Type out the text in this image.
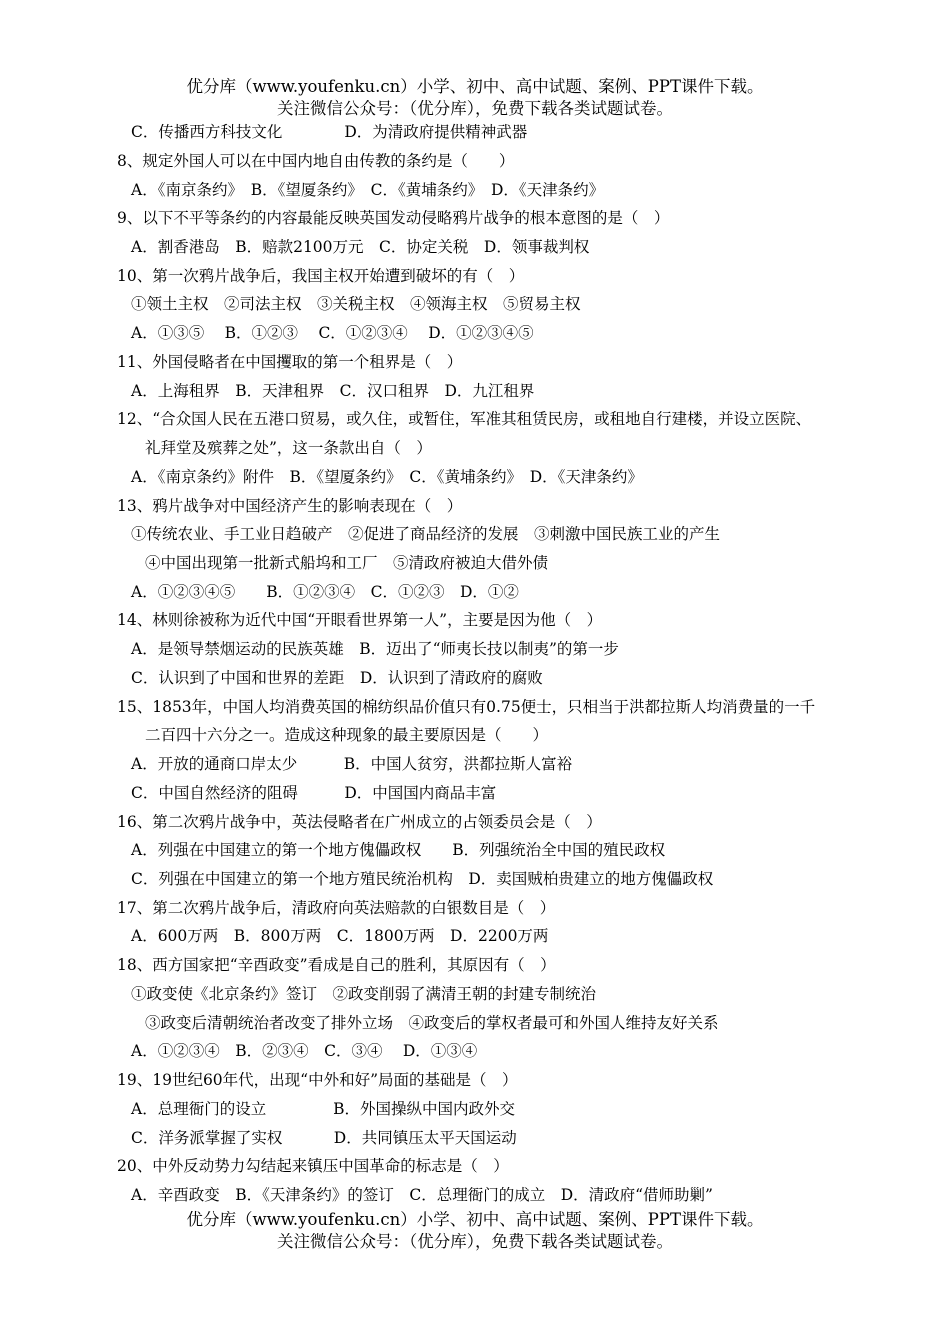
优分库（www.youfenku.cn）小学、初中、高中试题、案例、PPT课件下载。
关注微信公众号：（优分库），免费下载各类试题试卷。
C．传播西方科技文化　　　　D．为清政府提供精神武器
8、规定外国人可以在中国内地自由传教的条约是（　　）
A．《南京条约》　B．《望厦条约》　C．《黄埔条约》　D．《天津条约》
9、以下不平等条约的内容最能反映英国发动侵略鸦片战争的根本意图的是（　）
A．割香港岛　B．赔款2100万元　C．协定关税　D．领事裁判权
10、第一次鸦片战争后，我国主权开始遭到破坏的有（　）
①领土主权　②司法主权　③关税主权　④领海主权　⑤贸易主权
A．①③⑤　 B．①②③　 C．①②③④　 D．①②③④⑤
11、外国侵略者在中国攫取的第一个租界是（　）
A．上海租界　B．天津租界　C．汉口租界　D．九江租界
12、“合众国人民在五港口贸易，或久住，或暂住，军准其租赁民房，或租地自行建楼，并设立医院、
礼拜堂及殡葬之处”，这一条款出自（　）
A．《南京条约》附件　B．《望厦条约》　C．《黄埔条约》　D．《天津条约》
13、鸦片战争对中国经济产生的影响表现在（　）
①传统农业、手工业日趋破产　②促进了商品经济的发展　③刺激中国民族工业的产生
④中国出现第一批新式船坞和工厂　⑤清政府被迫大借外债
A．①②③④⑤　　B．①②③④　C．①②③　D．①②
14、林则徐被称为近代中国“开眼看世界第一人”，主要是因为他（　）
A．是领导禁烟运动的民族英雄　B．迈出了“师夷长技以制夷”的第一步
C．认识到了中国和世界的差距　D．认识到了清政府的腐败
15、1853年，中国人均消费英国的棉纺织品价值只有0.75便士，只相当于洪都拉斯人均消费量的一千
二百四十六分之一。造成这种现象的最主要原因是（　　）
A．开放的通商口岸太少　　　B．中国人贫穷，洪都拉斯人富裕
C．中国自然经济的阻碍　　　D．中国国内商品丰富
16、第二次鸦片战争中，英法侵略者在广州成立的占领委员会是（　）
A．列强在中国建立的第一个地方傀儡政权　　B．列强统治全中国的殖民政权
C．列强在中国建立的第一个地方殖民统治机构　D．卖国贼柏贵建立的地方傀儡政权
17、第二次鸦片战争后，清政府向英法赔款的白银数目是（　）
A．600万两　B．800万两　C．1800万两　D．2200万两
18、西方国家把“辛酉政变”看成是自己的胜利，其原因有（　）
①政变使《北京条约》签订　②政变削弱了满清王朝的封建专制统治
③政变后清朝统治者改变了排外立场　④政变后的掌权者最可和外国人维持友好关系
A．①②③④　B．②③④　C．③④　 D．①③④
19、19世纪60年代，出现“中外和好”局面的基础是（　）
A．总理衙门的设立　　　　 B．外国操纵中国内政外交
C．洋务派掌握了实权　　　 D．共同镇压太平天国运动
20、中外反动势力勾结起来镇压中国革命的标志是（　）
A．辛酉政变　B．《天津条约》的签订　C．总理衙门的成立　D．清政府“借师助剿”
优分库（www.youfenku.cn）小学、初中、高中试题、案例、PPT课件下载。
关注微信公众号：（优分库），免费下载各类试题试卷。
